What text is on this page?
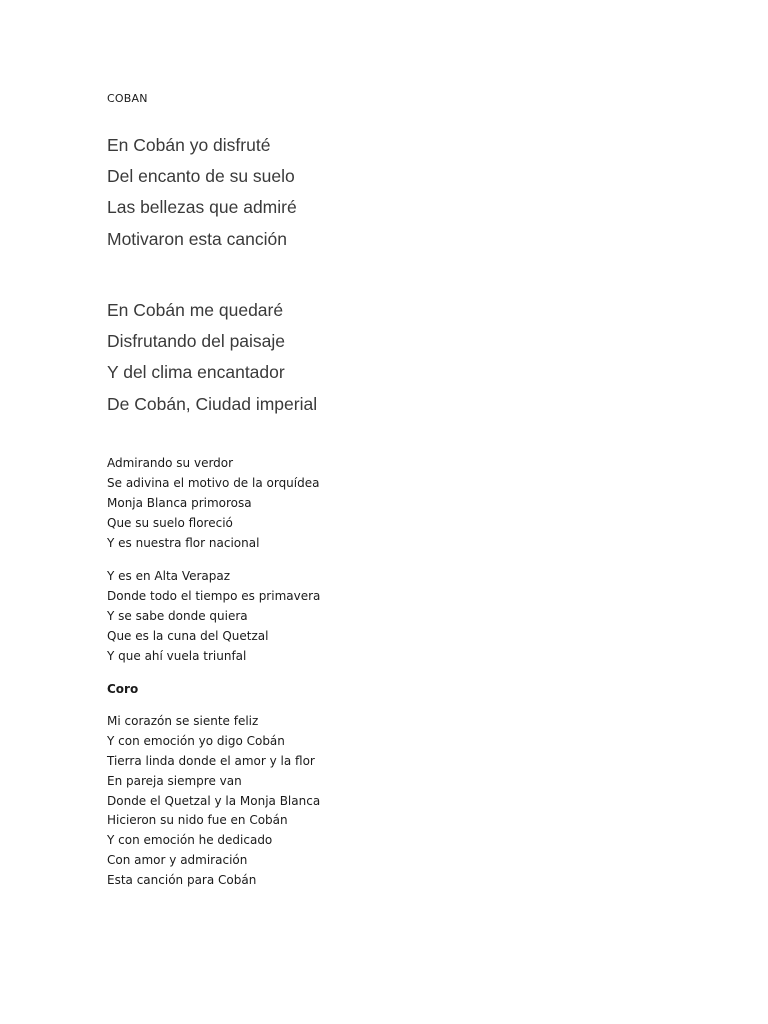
COBAN
En Cobán yo disfruté
Del encanto de su suelo
Las bellezas que admiré
Motivaron esta canción
En Cobán me quedaré
Disfrutando del paisaje
Y del clima encantador
De Cobán, Ciudad imperial
Admirando su verdor
Se adivina el motivo de la orquídea
Monja Blanca primorosa
Que su suelo floreció
Y es nuestra flor nacional
Y es en Alta Verapaz
Donde todo el tiempo es primavera
Y se sabe donde quiera
Que es la cuna del Quetzal
Y que ahí vuela triunfal
Coro
Mi corazón se siente feliz
Y con emoción yo digo Cobán
Tierra linda donde el amor y la flor
En pareja siempre van
Donde el Quetzal y la Monja Blanca
Hicieron su nido fue en Cobán
Y con emoción he dedicado
Con amor y admiración
Esta canción para Cobán
